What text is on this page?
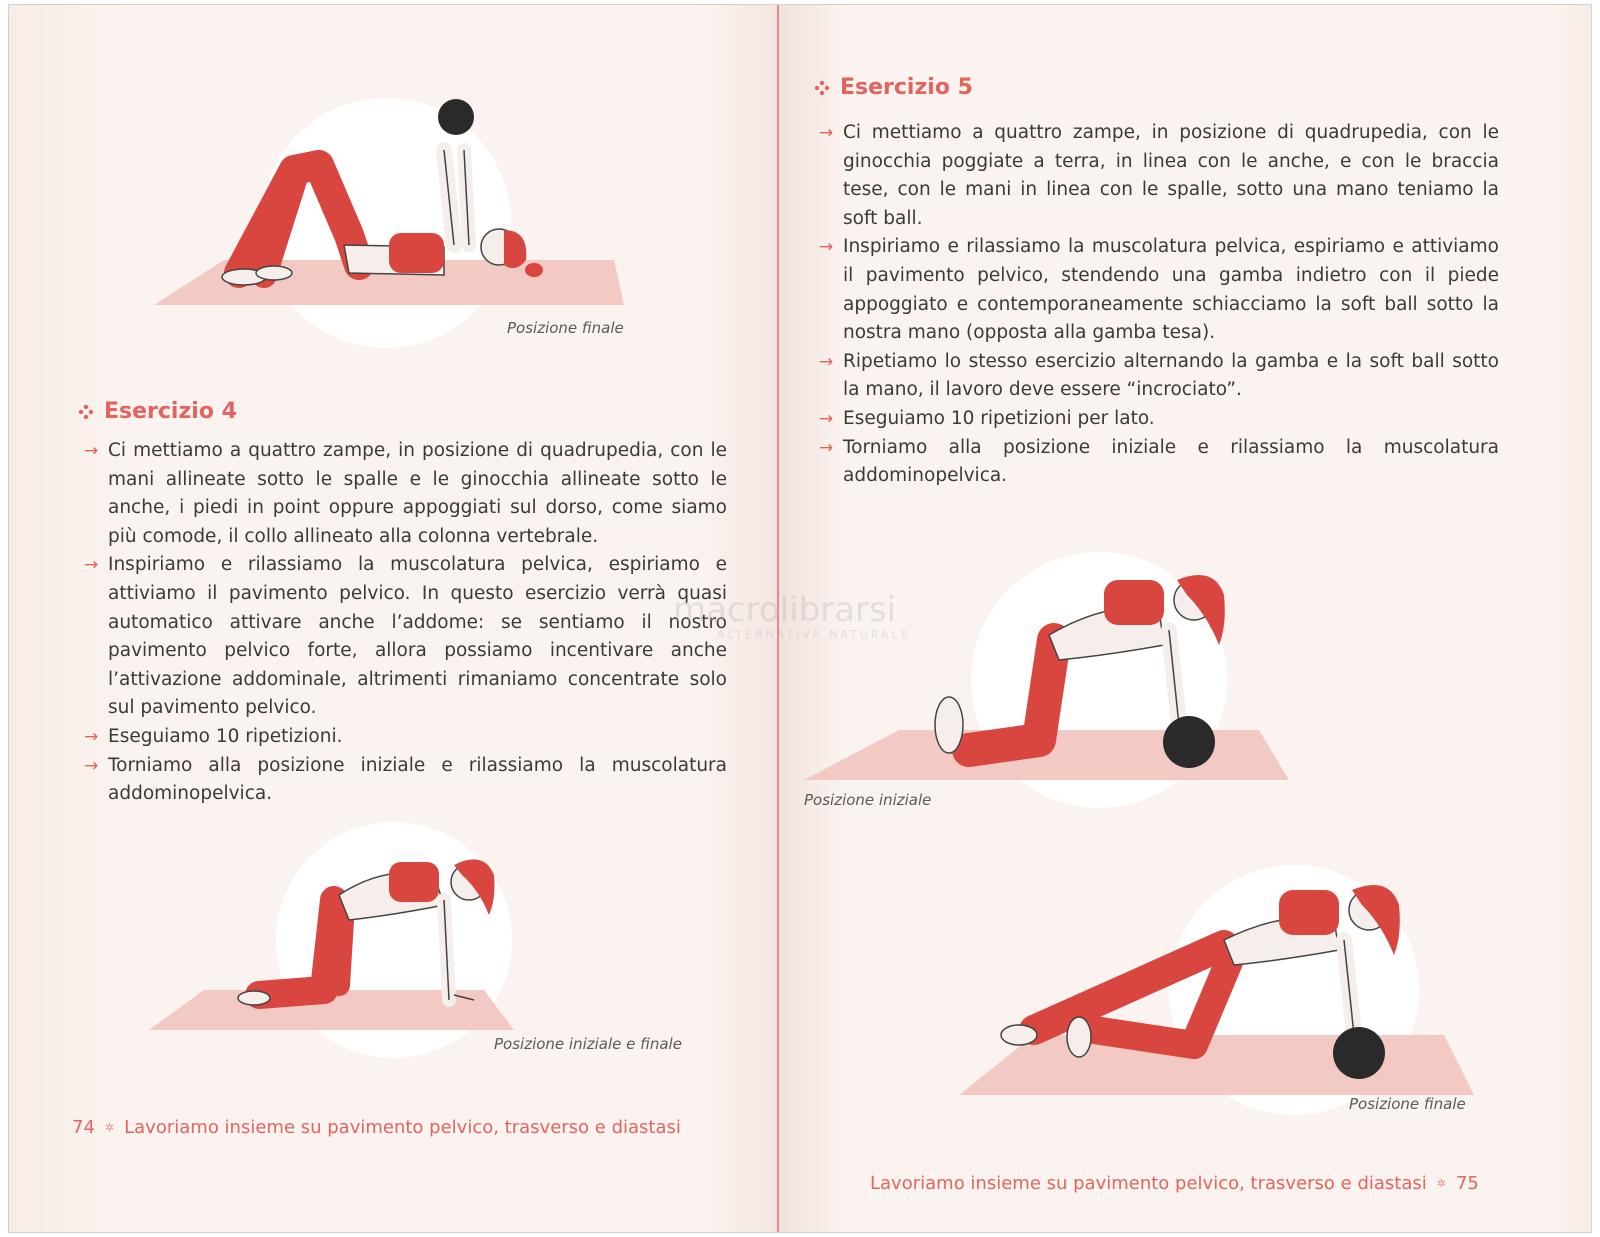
Posizione finale
Esercizio 4
→ Ci mettiamo a quattro zampe, in posizione di quadrupedia, con le mani allineate sotto le spalle e le ginocchia allineate sotto le anche, i piedi in point oppure appoggiati sul dorso, come siamo più comode, il collo allineato alla colonna vertebrale.
→ Inspiriamo e rilassiamo la muscolatura pelvica, espiriamo e attiviamo il pavimento pelvico. In questo esercizio verrà quasi automatico attivare anche l’addome: se sentiamo il nostro pavimento pelvico forte, allora possiamo incentivare anche l’attivazione addominale, altrimenti rimaniamo concentrate solo sul pavimento pelvico.
→ Eseguiamo 10 ripetizioni.
→ Torniamo alla posizione iniziale e rilassiamo la muscolatura addominopelvica.
Posizione iniziale e finale
74 ✲ Lavoriamo insieme su pavimento pelvico, trasverso e diastasi
Esercizio 5
→ Ci mettiamo a quattro zampe, in posizione di quadrupedia, con le ginocchia poggiate a terra, in linea con le anche, e con le braccia tese, con le mani in linea con le spalle, sotto una mano teniamo la soft ball.
→ Inspiriamo e rilassiamo la muscolatura pelvica, espiriamo e attiviamo il pavimento pelvico, stendendo una gamba indietro con il piede appoggiato e contemporaneamente schiacciamo la soft ball sotto la nostra mano (opposta alla gamba tesa).
→ Ripetiamo lo stesso esercizio alternando la gamba e la soft ball sotto la mano, il lavoro deve essere “incrociato”.
→ Eseguiamo 10 ripetizioni per lato.
→ Torniamo alla posizione iniziale e rilassiamo la muscolatura addominopelvica.
Posizione iniziale
Posizione finale
Lavoriamo insieme su pavimento pelvico, trasverso e diastasi ✲ 75
macrolibrarsi
ALTERNATIVA NATURALE
